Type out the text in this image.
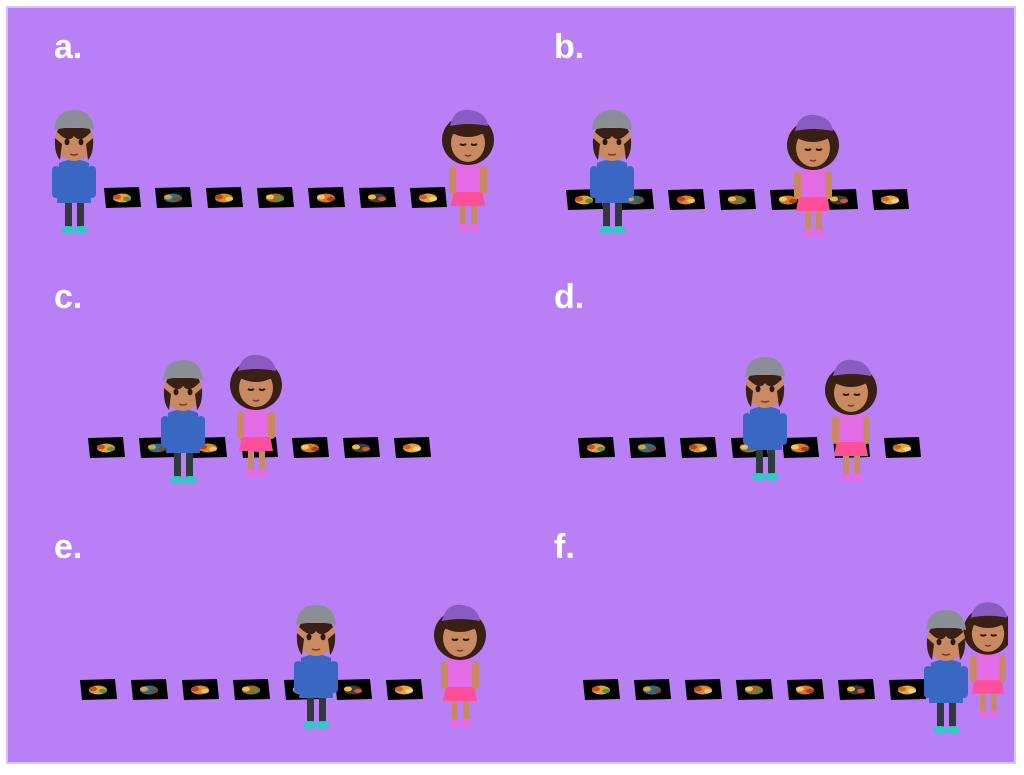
a.	b.
c.	d.
e.	f.
